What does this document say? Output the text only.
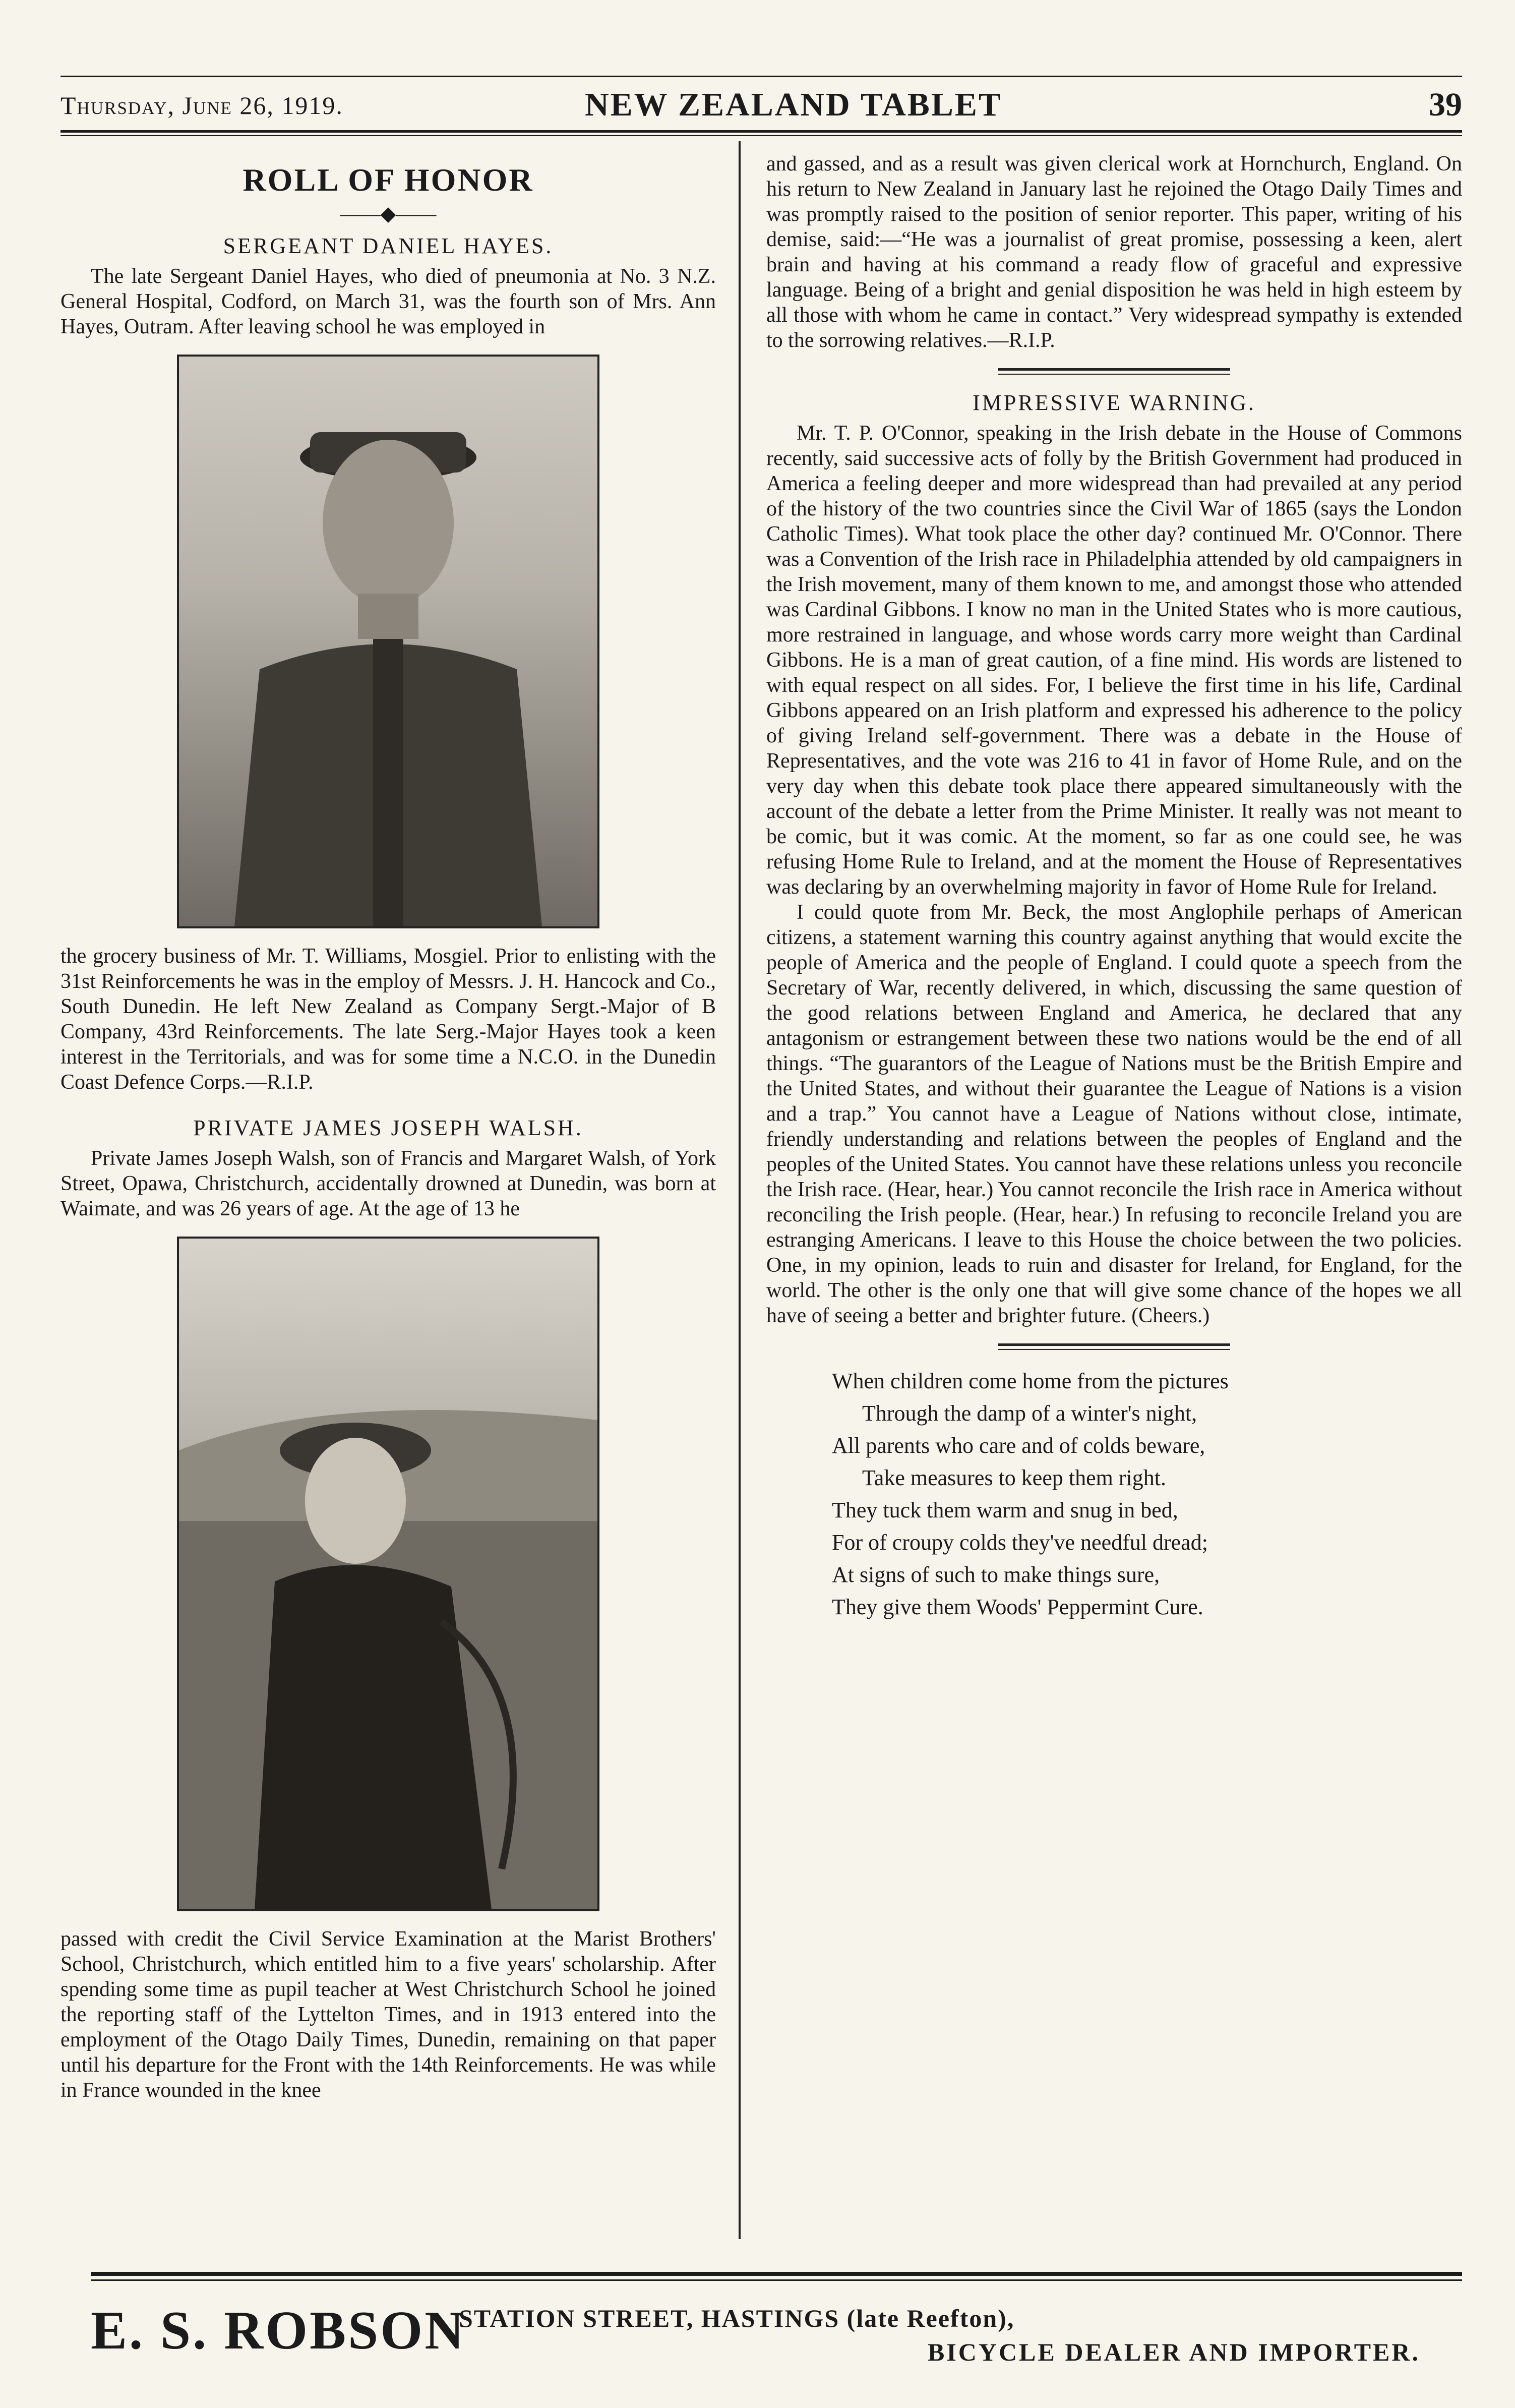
Thursday, June 26, 1919.	NEW ZEALAND TABLET	39
ROLL OF HONOR
——◆——
SERGEANT DANIEL HAYES.

The late Sergeant Daniel Hayes, who died of pneumonia at No. 3 N.Z. General Hospital, Codford, on March 31, was the fourth son of Mrs. Ann Hayes, Outram. After leaving school he was employed in

the grocery business of Mr. T. Williams, Mosgiel. Prior to enlisting with the 31st Reinforcements he was in the employ of Messrs. J. H. Hancock and Co., South Dunedin. He left New Zealand as Company Sergt.-Major of B Company, 43rd Reinforcements. The late Serg.-Major Hayes took a keen interest in the Territorials, and was for some time a N.C.O. in the Dunedin Coast Defence Corps.—R.I.P.

PRIVATE JAMES JOSEPH WALSH.

Private James Joseph Walsh, son of Francis and Margaret Walsh, of York Street, Opawa, Christchurch, accidentally drowned at Dunedin, was born at Waimate, and was 26 years of age. At the age of 13 he

passed with credit the Civil Service Examination at the Marist Brothers' School, Christchurch, which entitled him to a five years' scholarship. After spending some time as pupil teacher at West Christchurch School he joined the reporting staff of the Lyttelton Times, and in 1913 entered into the employment of the Otago Daily Times, Dunedin, remaining on that paper until his departure for the Front with the 14th Reinforcements. He was while in France wounded in the knee

and gassed, and as a result was given clerical work at Hornchurch, England. On his return to New Zealand in January last he rejoined the Otago Daily Times and was promptly raised to the position of senior reporter. This paper, writing of his demise, said:—“He was a journalist of great promise, possessing a keen, alert brain and having at his command a ready flow of graceful and expressive language. Being of a bright and genial disposition he was held in high esteem by all those with whom he came in contact.” Very widespread sympathy is extended to the sorrowing relatives.—R.I.P.

IMPRESSIVE WARNING.

Mr. T. P. O'Connor, speaking in the Irish debate in the House of Commons recently, said successive acts of folly by the British Government had produced in America a feeling deeper and more widespread than had prevailed at any period of the history of the two countries since the Civil War of 1865 (says the London Catholic Times). What took place the other day? continued Mr. O'Connor. There was a Convention of the Irish race in Philadelphia attended by old campaigners in the Irish movement, many of them known to me, and amongst those who attended was Cardinal Gibbons. I know no man in the United States who is more cautious, more restrained in language, and whose words carry more weight than Cardinal Gibbons. He is a man of great caution, of a fine mind. His words are listened to with equal respect on all sides. For, I believe the first time in his life, Cardinal Gibbons appeared on an Irish platform and expressed his adherence to the policy of giving Ireland self-government. There was a debate in the House of Representatives, and the vote was 216 to 41 in favor of Home Rule, and on the very day when this debate took place there appeared simultaneously with the account of the debate a letter from the Prime Minister. It really was not meant to be comic, but it was comic. At the moment, so far as one could see, he was refusing Home Rule to Ireland, and at the moment the House of Representatives was declaring by an overwhelming majority in favor of Home Rule for Ireland.

I could quote from Mr. Beck, the most Anglophile perhaps of American citizens, a statement warning this country against anything that would excite the people of America and the people of England. I could quote a speech from the Secretary of War, recently delivered, in which, discussing the same question of the good relations between England and America, he declared that any antagonism or estrangement between these two nations would be the end of all things. “The guarantors of the League of Nations must be the British Empire and the United States, and without their guarantee the League of Nations is a vision and a trap.” You cannot have a League of Nations without close, intimate, friendly understanding and relations between the peoples of England and the peoples of the United States. You cannot have these relations unless you reconcile the Irish race. (Hear, hear.) You cannot reconcile the Irish race in America without reconciling the Irish people. (Hear, hear.) In refusing to reconcile Ireland you are estranging Americans. I leave to this House the choice between the two policies. One, in my opinion, leads to ruin and disaster for Ireland, for England, for the world. The other is the only one that will give some chance of the hopes we all have of seeing a better and brighter future. (Cheers.)

When children come home from the pictures
Through the damp of a winter's night,
All parents who care and of colds beware,
Take measures to keep them right.
They tuck them warm and snug in bed,
For of croupy colds they've needful dread;
At signs of such to make things sure,
They give them Woods' Peppermint Cure.
E. S. ROBSON
STATION STREET, HASTINGS (late Reefton),
BICYCLE DEALER AND IMPORTER.
